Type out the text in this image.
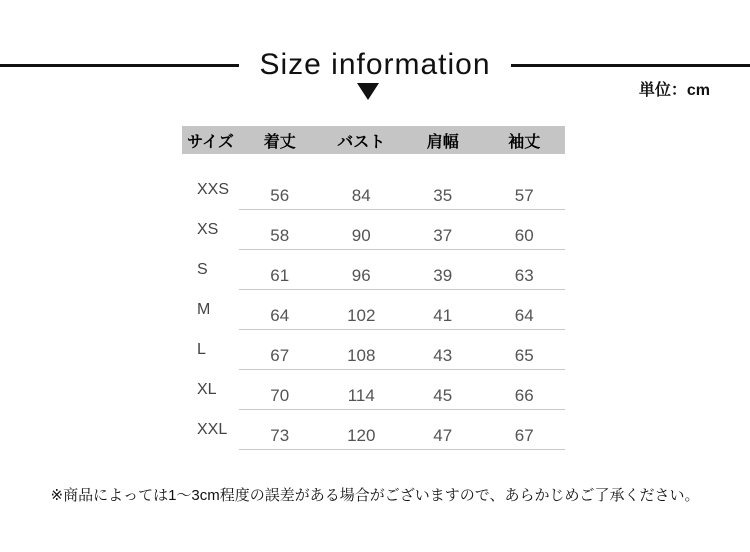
Size information
単位：cm
サイズ	着丈	バスト	肩幅	袖丈
XXS	56	84	35	57
XS	58	90	37	60
S	61	96	39	63
M	64	102	41	64
L	67	108	43	65
XL	70	114	45	66
XXL	73	120	47	67
※商品によっては1〜3cm程度の誤差がある場合がございますので、あらかじめご了承ください。
